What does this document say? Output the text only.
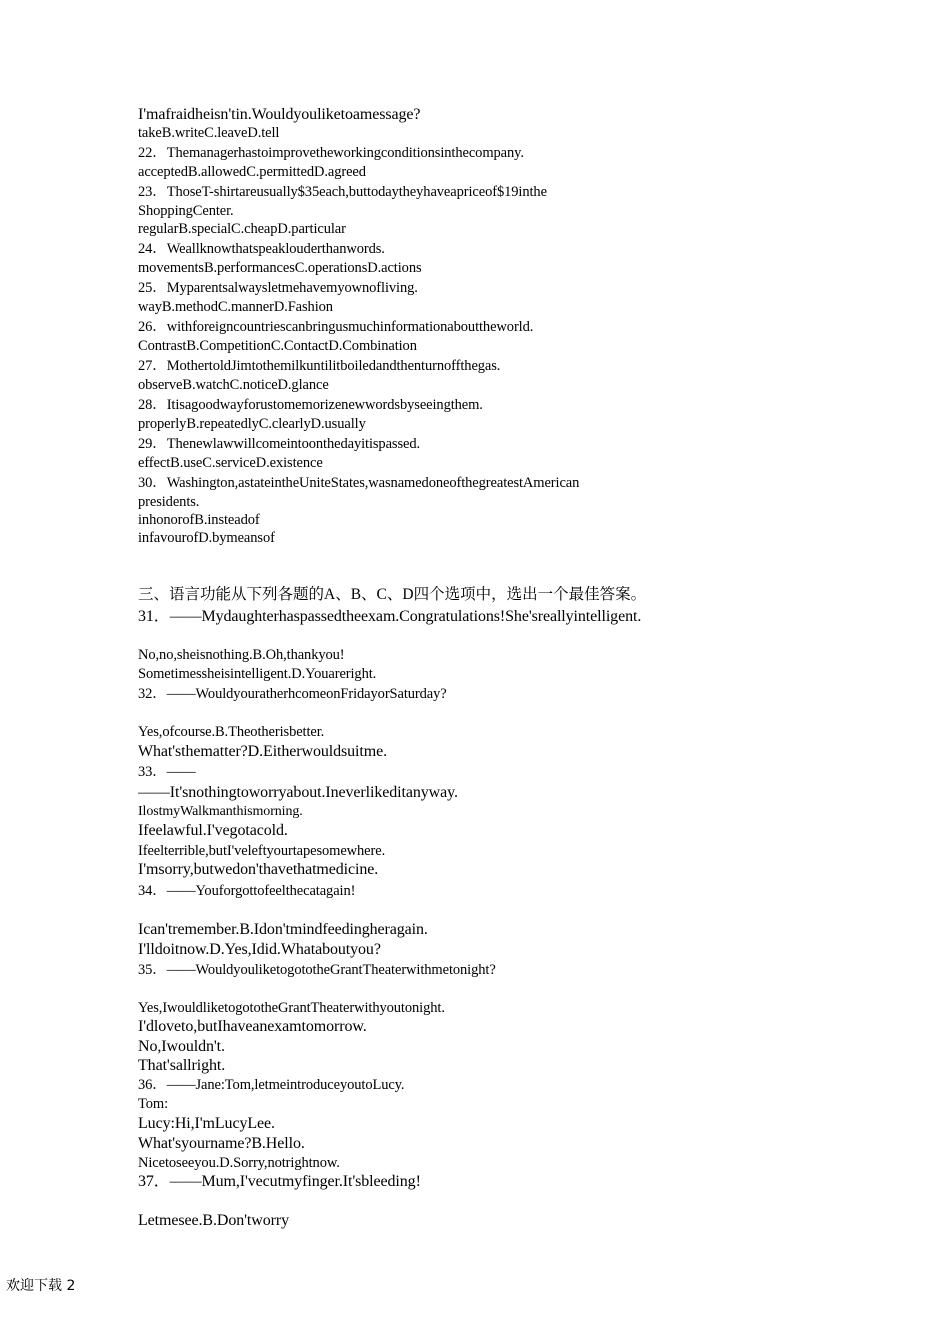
I'mafraidheisn'tin.Wouldyouliketoamessage?
takeB.writeC.leaveD.tell
22．Themanagerhastoimprovetheworkingconditionsinthecompany.
acceptedB.allowedC.permittedD.agreed
23．ThoseT-shirtareusually$35each,buttodaytheyhaveapriceof$19inthe
ShoppingCenter.
regularB.specialC.cheapD.particular
24．Weallknowthatspeaklouderthanwords.
movementsB.performancesC.operationsD.actions
25．Myparentsalwaysletmehavemyownofliving.
wayB.methodC.mannerD.Fashion
26．withforeigncountriescanbringusmuchinformationabouttheworld.
ContrastB.CompetitionC.ContactD.Combination
27．MothertoldJimtothemilkuntilitboiledandthenturnoffthegas.
observeB.watchC.noticeD.glance
28．Itisagoodwayforustomemorizenewwordsbyseeingthem.
properlyB.repeatedlyC.clearlyD.usually
29．Thenewlawwillcomeintoonthedayitispassed.
effectB.useC.serviceD.existence
30．Washington,astateintheUniteStates,wasnamedoneofthegreatestAmerican
presidents.
inhonorofB.insteadof
infavourofD.bymeansof
三、语言功能从下列各题的A、B、C、D四个选项中，选出一个最佳答案。
31．——Mydaughterhaspassedtheexam.Congratulations!She'sreallyintelligent.
No,no,sheisnothing.B.Oh,thankyou!
Sometimessheisintelligent.D.Youareright.
32．——WouldyouratherhcomeonFridayorSaturday?
Yes,ofcourse.B.Theotherisbetter.
What'sthematter?D.Eitherwouldsuitme.
33．——
——It'snothingtoworryabout.Ineverlikeditanyway.
IlostmyWalkmanthismorning.
Ifeelawful.I'vegotacold.
Ifeelterrible,butI'veleftyourtapesomewhere.
I'msorry,butwedon'thavethatmedicine.
34．——Youforgottofeelthecatagain!
Ican'tremember.B.Idon'tmindfeedingheragain.
I'lldoitnow.D.Yes,Idid.Whataboutyou?
35．——WouldyouliketogototheGrantTheaterwithmetonight?
Yes,IwouldliketogototheGrantTheaterwithyoutonight.
I'dloveto,butIhaveanexamtomorrow.
No,Iwouldn't.
That'sallright.
36．——Jane:Tom,letmeintroduceyoutoLucy.
Tom:
Lucy:Hi,I'mLucyLee.
What'syourname?B.Hello.
Nicetoseeyou.D.Sorry,notrightnow.
37．——Mum,I'vecutmyfinger.It'sbleeding!
Letmesee.B.Don'tworry
欢迎下载 2
